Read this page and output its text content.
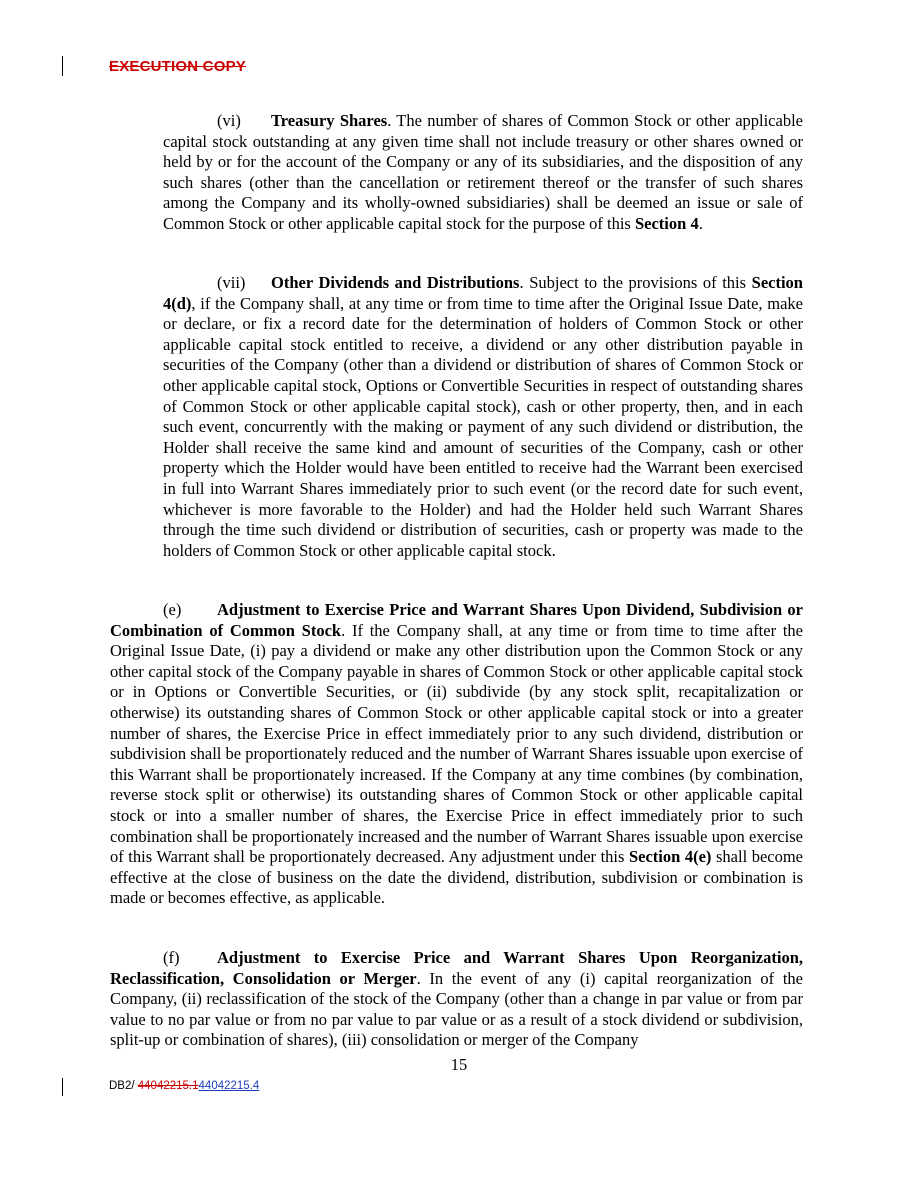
EXECUTION COPY

(vi) Treasury Shares. The number of shares of Common Stock or other applicable capital stock outstanding at any given time shall not include treasury or other shares owned or held by or for the account of the Company or any of its subsidiaries, and the disposition of any such shares (other than the cancellation or retirement thereof or the transfer of such shares among the Company and its wholly-owned subsidiaries) shall be deemed an issue or sale of Common Stock or other applicable capital stock for the purpose of this Section 4.

(vii) Other Dividends and Distributions. Subject to the provisions of this Section 4(d), if the Company shall, at any time or from time to time after the Original Issue Date, make or declare, or fix a record date for the determination of holders of Common Stock or other applicable capital stock entitled to receive, a dividend or any other distribution payable in securities of the Company (other than a dividend or distribution of shares of Common Stock or other applicable capital stock, Options or Convertible Securities in respect of outstanding shares of Common Stock or other applicable capital stock), cash or other property, then, and in each such event, concurrently with the making or payment of any such dividend or distribution, the Holder shall receive the same kind and amount of securities of the Company, cash or other property which the Holder would have been entitled to receive had the Warrant been exercised in full into Warrant Shares immediately prior to such event (or the record date for such event, whichever is more favorable to the Holder) and had the Holder held such Warrant Shares through the time such dividend or distribution of securities, cash or property was made to the holders of Common Stock or other applicable capital stock.

(e) Adjustment to Exercise Price and Warrant Shares Upon Dividend, Subdivision or Combination of Common Stock. If the Company shall, at any time or from time to time after the Original Issue Date, (i) pay a dividend or make any other distribution upon the Common Stock or any other capital stock of the Company payable in shares of Common Stock or other applicable capital stock or in Options or Convertible Securities, or (ii) subdivide (by any stock split, recapitalization or otherwise) its outstanding shares of Common Stock or other applicable capital stock or into a greater number of shares, the Exercise Price in effect immediately prior to any such dividend, distribution or subdivision shall be proportionately reduced and the number of Warrant Shares issuable upon exercise of this Warrant shall be proportionately increased. If the Company at any time combines (by combination, reverse stock split or otherwise) its outstanding shares of Common Stock or other applicable capital stock or into a smaller number of shares, the Exercise Price in effect immediately prior to such combination shall be proportionately increased and the number of Warrant Shares issuable upon exercise of this Warrant shall be proportionately decreased. Any adjustment under this Section 4(e) shall become effective at the close of business on the date the dividend, distribution, subdivision or combination is made or becomes effective, as applicable.

(f) Adjustment to Exercise Price and Warrant Shares Upon Reorganization, Reclassification, Consolidation or Merger. In the event of any (i) capital reorganization of the Company, (ii) reclassification of the stock of the Company (other than a change in par value or from par value to no par value or from no par value to par value or as a result of a stock dividend or subdivision, split-up or combination of shares), (iii) consolidation or merger of the Company

15
DB2/ 44042215.144042215.4
